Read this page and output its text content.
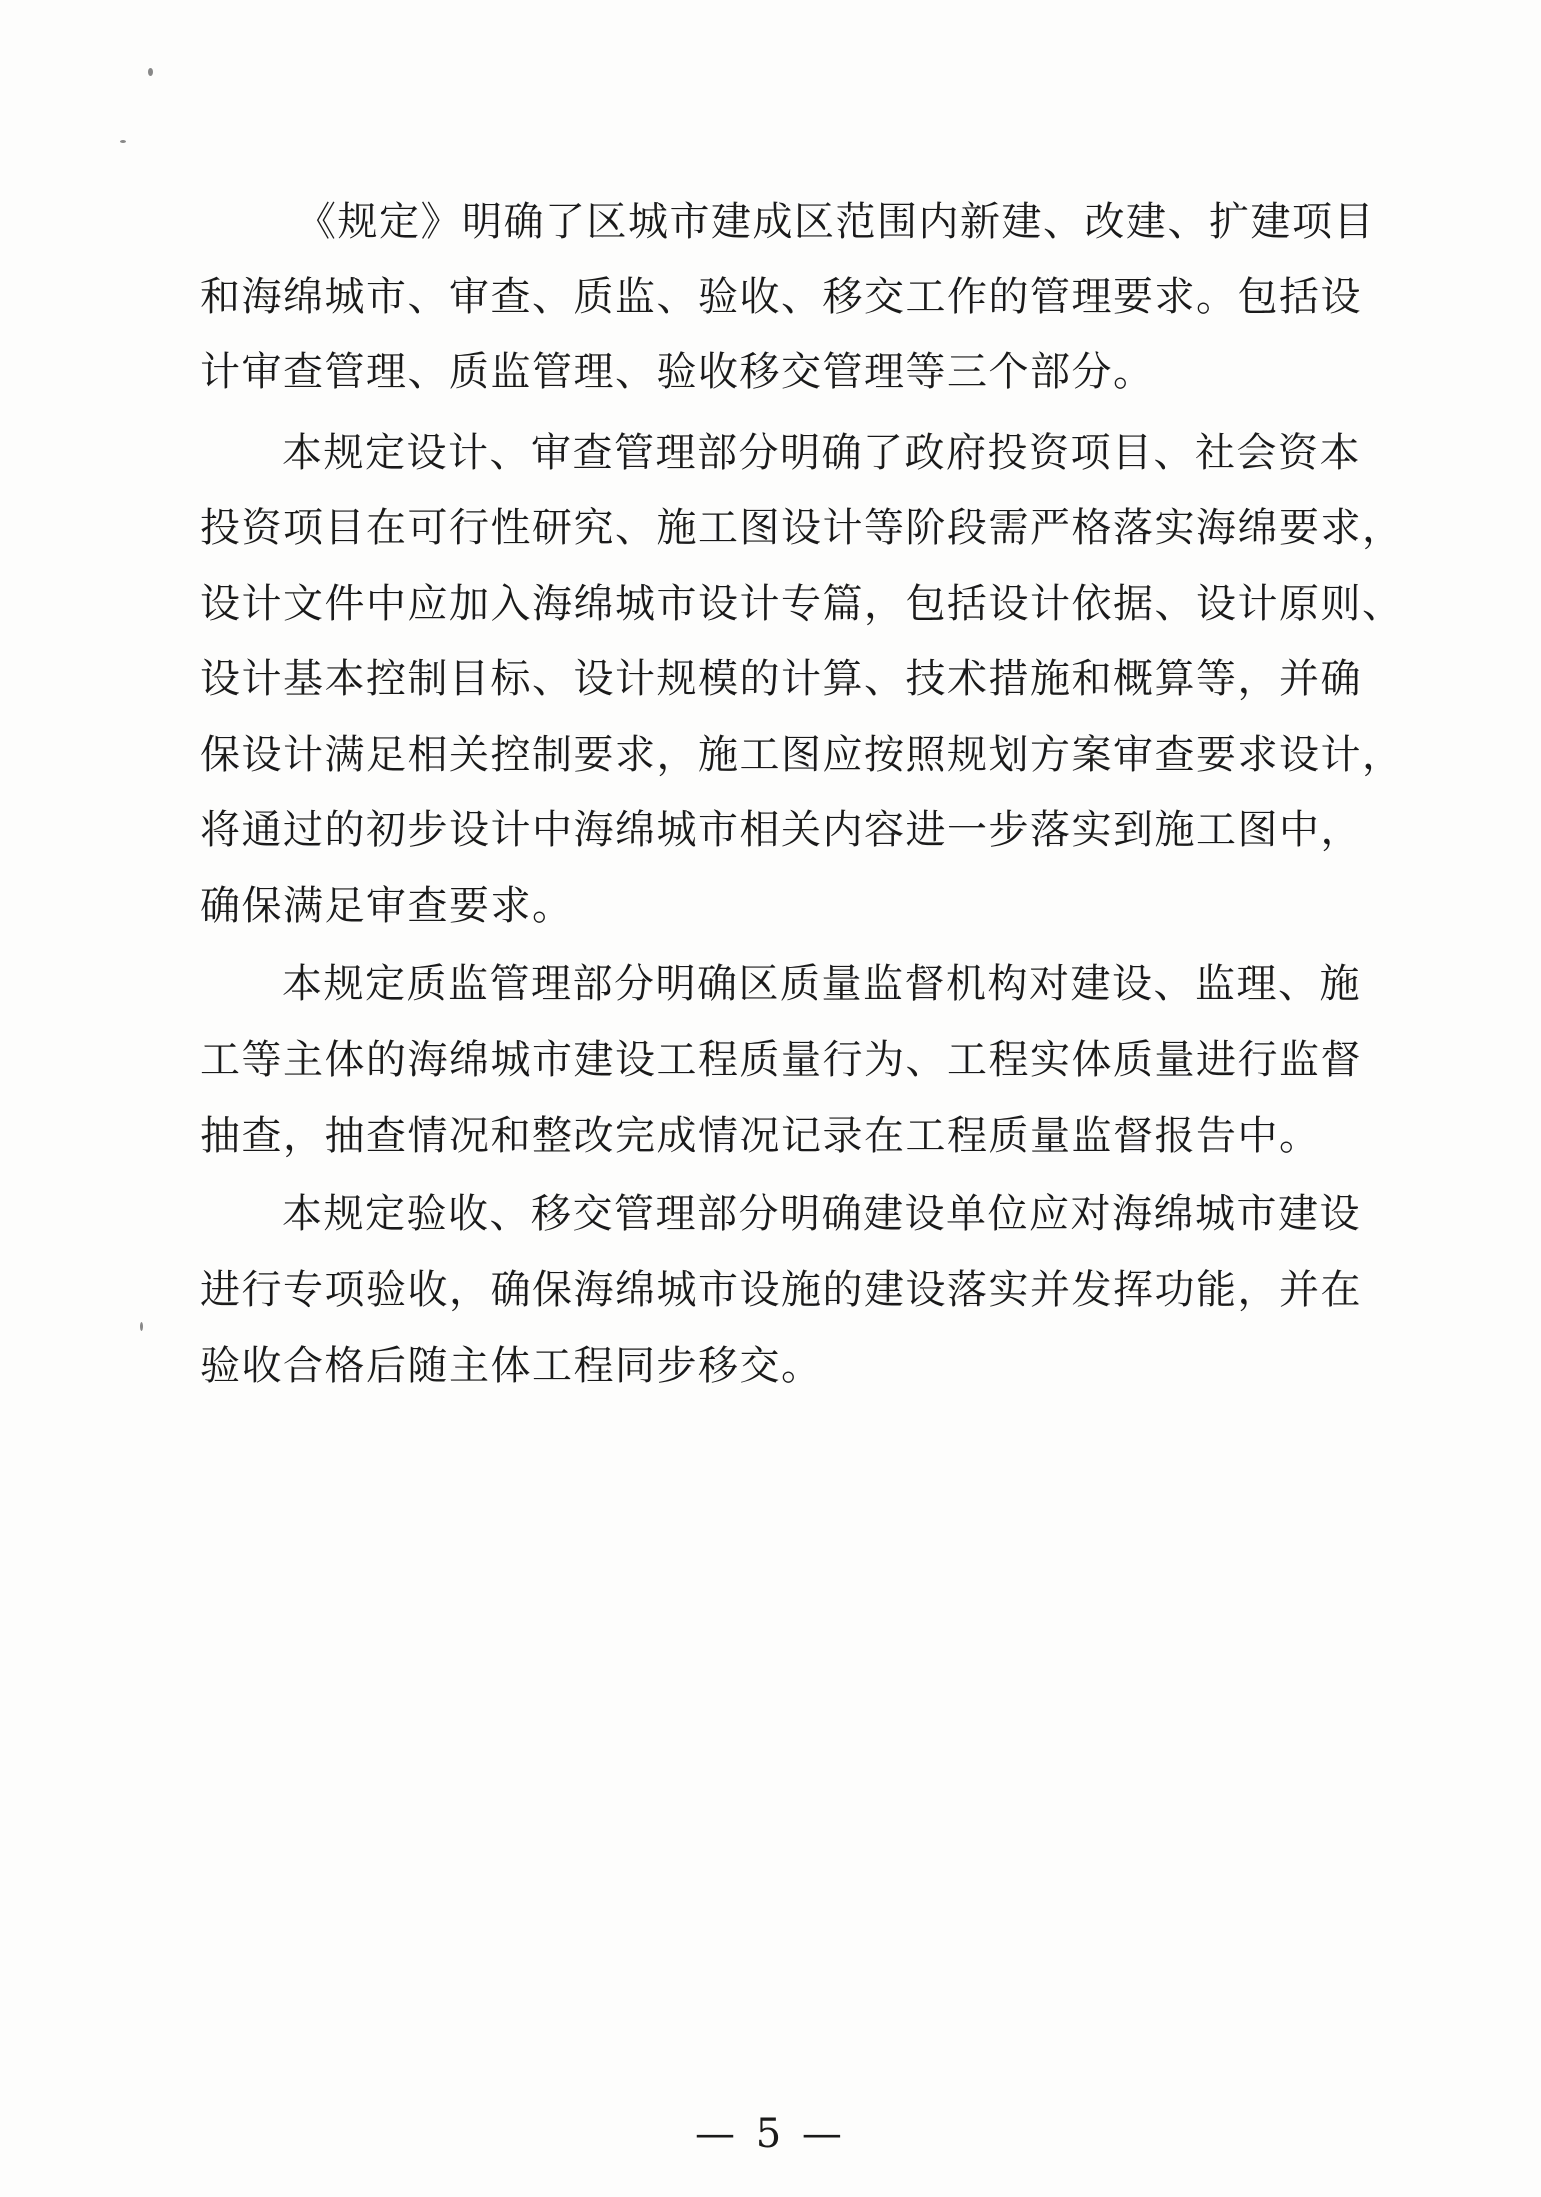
《规定》明确了区城市建成区范围内新建、改建、扩建项目
和海绵城市、审查、质监、验收、移交工作的管理要求。包括设
计审查管理、质监管理、验收移交管理等三个部分。
本规定设计、审查管理部分明确了政府投资项目、社会资本
投资项目在可行性研究、施工图设计等阶段需严格落实海绵要求，
设计文件中应加入海绵城市设计专篇，包括设计依据、设计原则、
设计基本控制目标、设计规模的计算、技术措施和概算等，并确
保设计满足相关控制要求，施工图应按照规划方案审查要求设计，
将通过的初步设计中海绵城市相关内容进一步落实到施工图中，
确保满足审查要求。
本规定质监管理部分明确区质量监督机构对建设、监理、施
工等主体的海绵城市建设工程质量行为、工程实体质量进行监督
抽查，抽查情况和整改完成情况记录在工程质量监督报告中。
本规定验收、移交管理部分明确建设单位应对海绵城市建设
进行专项验收，确保海绵城市设施的建设落实并发挥功能，并在
验收合格后随主体工程同步移交。
— 5 —
